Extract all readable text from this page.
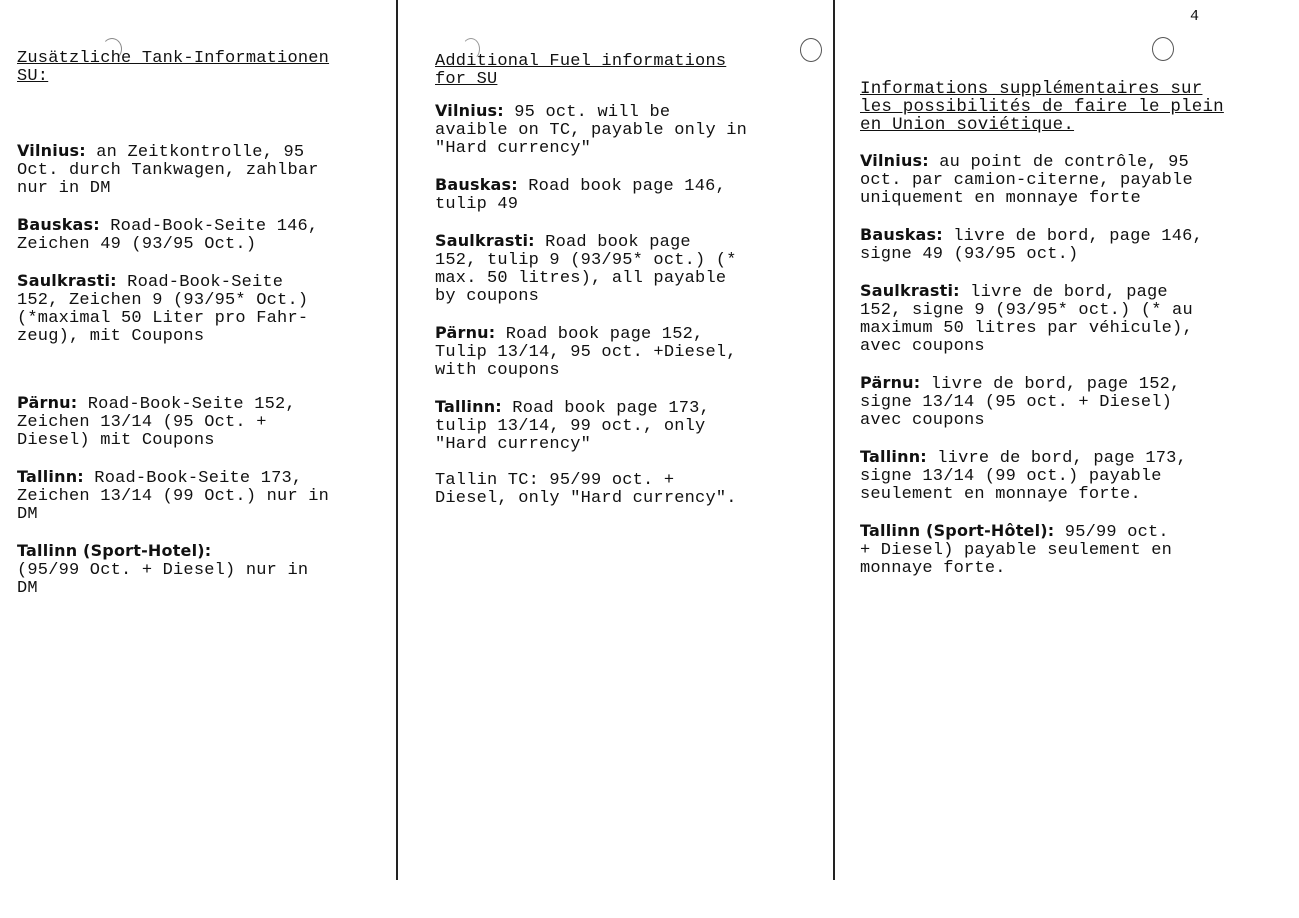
4

Zusätzliche Tank-Informationen
SU:

Vilnius: an Zeitkontrolle, 95
Oct. durch Tankwagen, zahlbar
nur in DM

Bauskas: Road-Book-Seite 146,
Zeichen 49 (93/95 Oct.)

Saulkrasti: Road-Book-Seite
152, Zeichen 9 (93/95* Oct.)
(*maximal 50 Liter pro Fahr-
zeug), mit Coupons

Pärnu: Road-Book-Seite 152,
Zeichen 13/14 (95 Oct. +
Diesel) mit Coupons

Tallinn: Road-Book-Seite 173,
Zeichen 13/14 (99 Oct.) nur in
DM

Tallinn (Sport-Hotel):
(95/99 Oct. + Diesel) nur in
DM

Additional Fuel informations
for SU

Vilnius: 95 oct. will be
avaible on TC, payable only in
"Hard currency"

Bauskas: Road book page 146,
tulip 49

Saulkrasti: Road book page
152, tulip 9 (93/95* oct.) (*
max. 50 litres), all payable
by coupons

Pärnu: Road book page 152,
Tulip 13/14, 95 oct. +Diesel,
with coupons

Tallinn: Road book page 173,
tulip 13/14, 99 oct., only
"Hard currency"

Tallin TC: 95/99 oct. +
Diesel, only "Hard currency".

Informations supplémentaires sur
les possibilités de faire le plein
en Union soviétique.

Vilnius: au point de contrôle, 95
oct. par camion-citerne, payable
uniquement en monnaye forte

Bauskas: livre de bord, page 146,
signe 49 (93/95 oct.)

Saulkrasti: livre de bord, page
152, signe 9 (93/95* oct.) (* au
maximum 50 litres par véhicule),
avec coupons

Pärnu: livre de bord, page 152,
signe 13/14 (95 oct. + Diesel)
avec coupons

Tallinn: livre de bord, page 173,
signe 13/14 (99 oct.) payable
seulement en monnaye forte.

Tallinn (Sport-Hôtel): 95/99 oct.
+ Diesel) payable seulement en
monnaye forte.
